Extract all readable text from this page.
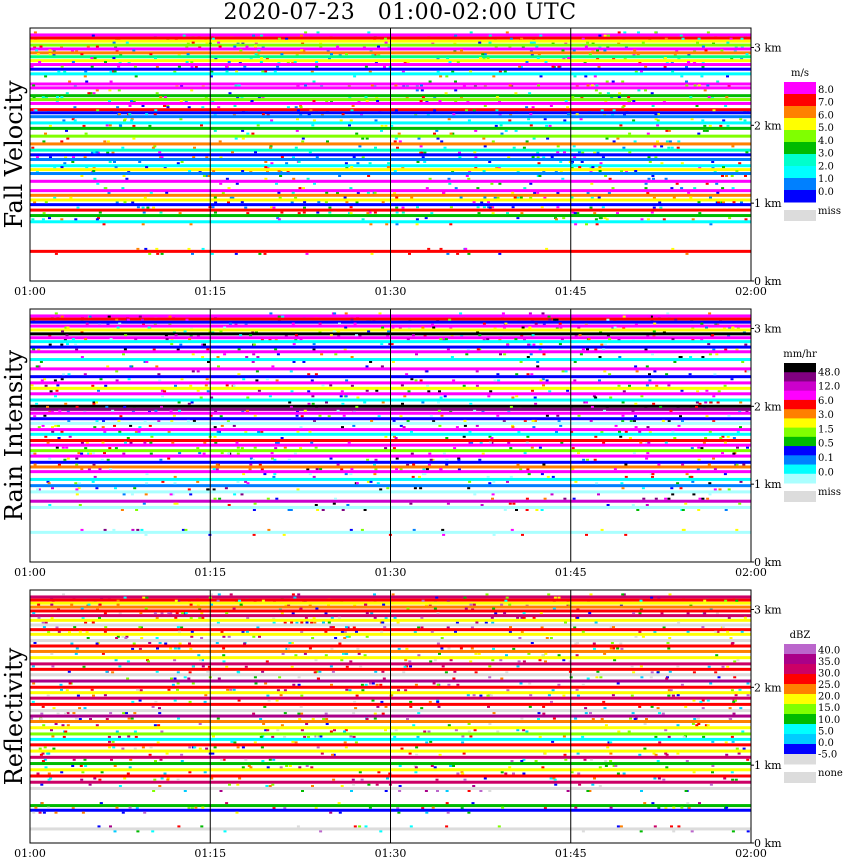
2020-07-23   01:00-02:00 UTC
01:00	01:15	01:30	01:45	02:00
0 km
1 km
2 km
3 km
Fall Velocity
m/s
8.0
7.0
6.0
5.0
4.0
3.0
2.0
1.0
0.0
miss
01:00	01:15	01:30	01:45	02:00
0 km
1 km
2 km
3 km
Rain Intensity	mm/hr
48.0
12.0
6.0
3.0
1.5
0.5
0.1
0.0
miss
01:00	01:15	01:30	01:45	02:00
0 km
1 km
2 km
3 km
Reflectivity
dBZ
40.0
35.0
30.0
25.0
20.0
15.0
10.0
5.0
0.0
-5.0
none
